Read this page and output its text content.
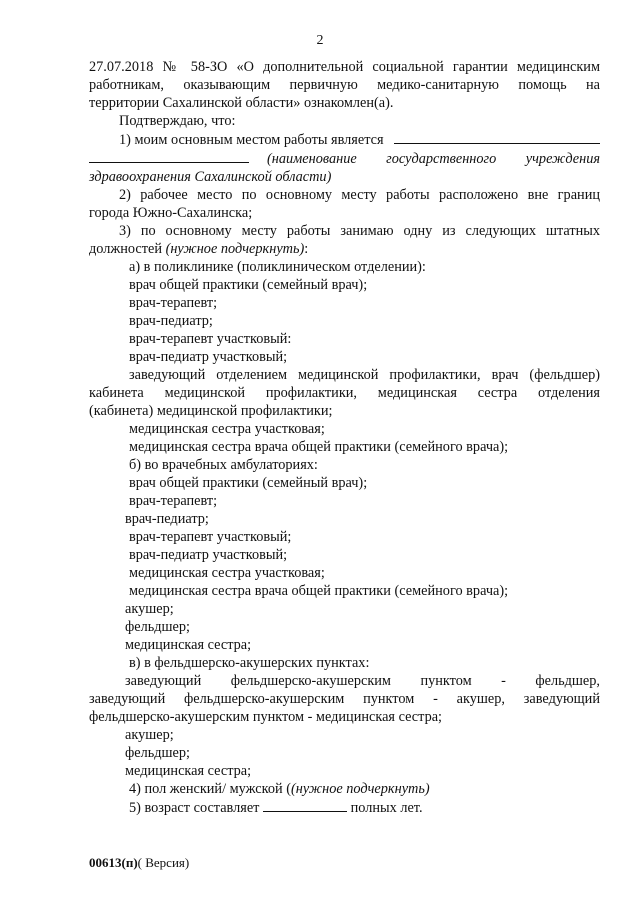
2
27.07.2018 № 58-ЗО «О дополнительной социальной гарантии медицинским
работникам, оказывающим первичную медико-санитарную помощь на
территории Сахалинской области» ознакомлен(а).
Подтверждаю, что:
1) моим основным местом работы является
(наименование государственного учреждения
здравоохранения Сахалинской области)
2) рабочее место по основному месту работы расположено вне границ
города Южно-Сахалинска;
3) по основному месту работы занимаю одну из следующих штатных
должностей (нужное подчеркнуть):
а) в поликлинике (поликлиническом отделении):
врач общей практики (семейный врач);
врач-терапевт;
врач-педиатр;
врач-терапевт участковый:
врач-педиатр участковый;
заведующий отделением медицинской профилактики, врач (фельдшер)
кабинета медицинской профилактики, медицинская сестра отделения
(кабинета) медицинской профилактики;
медицинская сестра участковая;
медицинская сестра врача общей практики (семейного врача);
б) во врачебных амбулаториях:
врач общей практики (семейный врач);
врач-терапевт;
врач-педиатр;
врач-терапевт участковый;
врач-педиатр участковый;
медицинская сестра участковая;
медицинская сестра врача общей практики (семейного врача);
акушер;
фельдшер;
медицинская сестра;
в) в фельдшерско-акушерских пунктах:
заведующий фельдшерско-акушерским пунктом - фельдшер,
заведующий фельдшерско-акушерским пунктом - акушер, заведующий
фельдшерско-акушерским пунктом - медицинская сестра;
акушер;
фельдшер;
медицинская сестра;
4) пол женский/ мужской ((нужное подчеркнуть)
5) возраст составляет	полных лет.
00613(п)( Версия)
